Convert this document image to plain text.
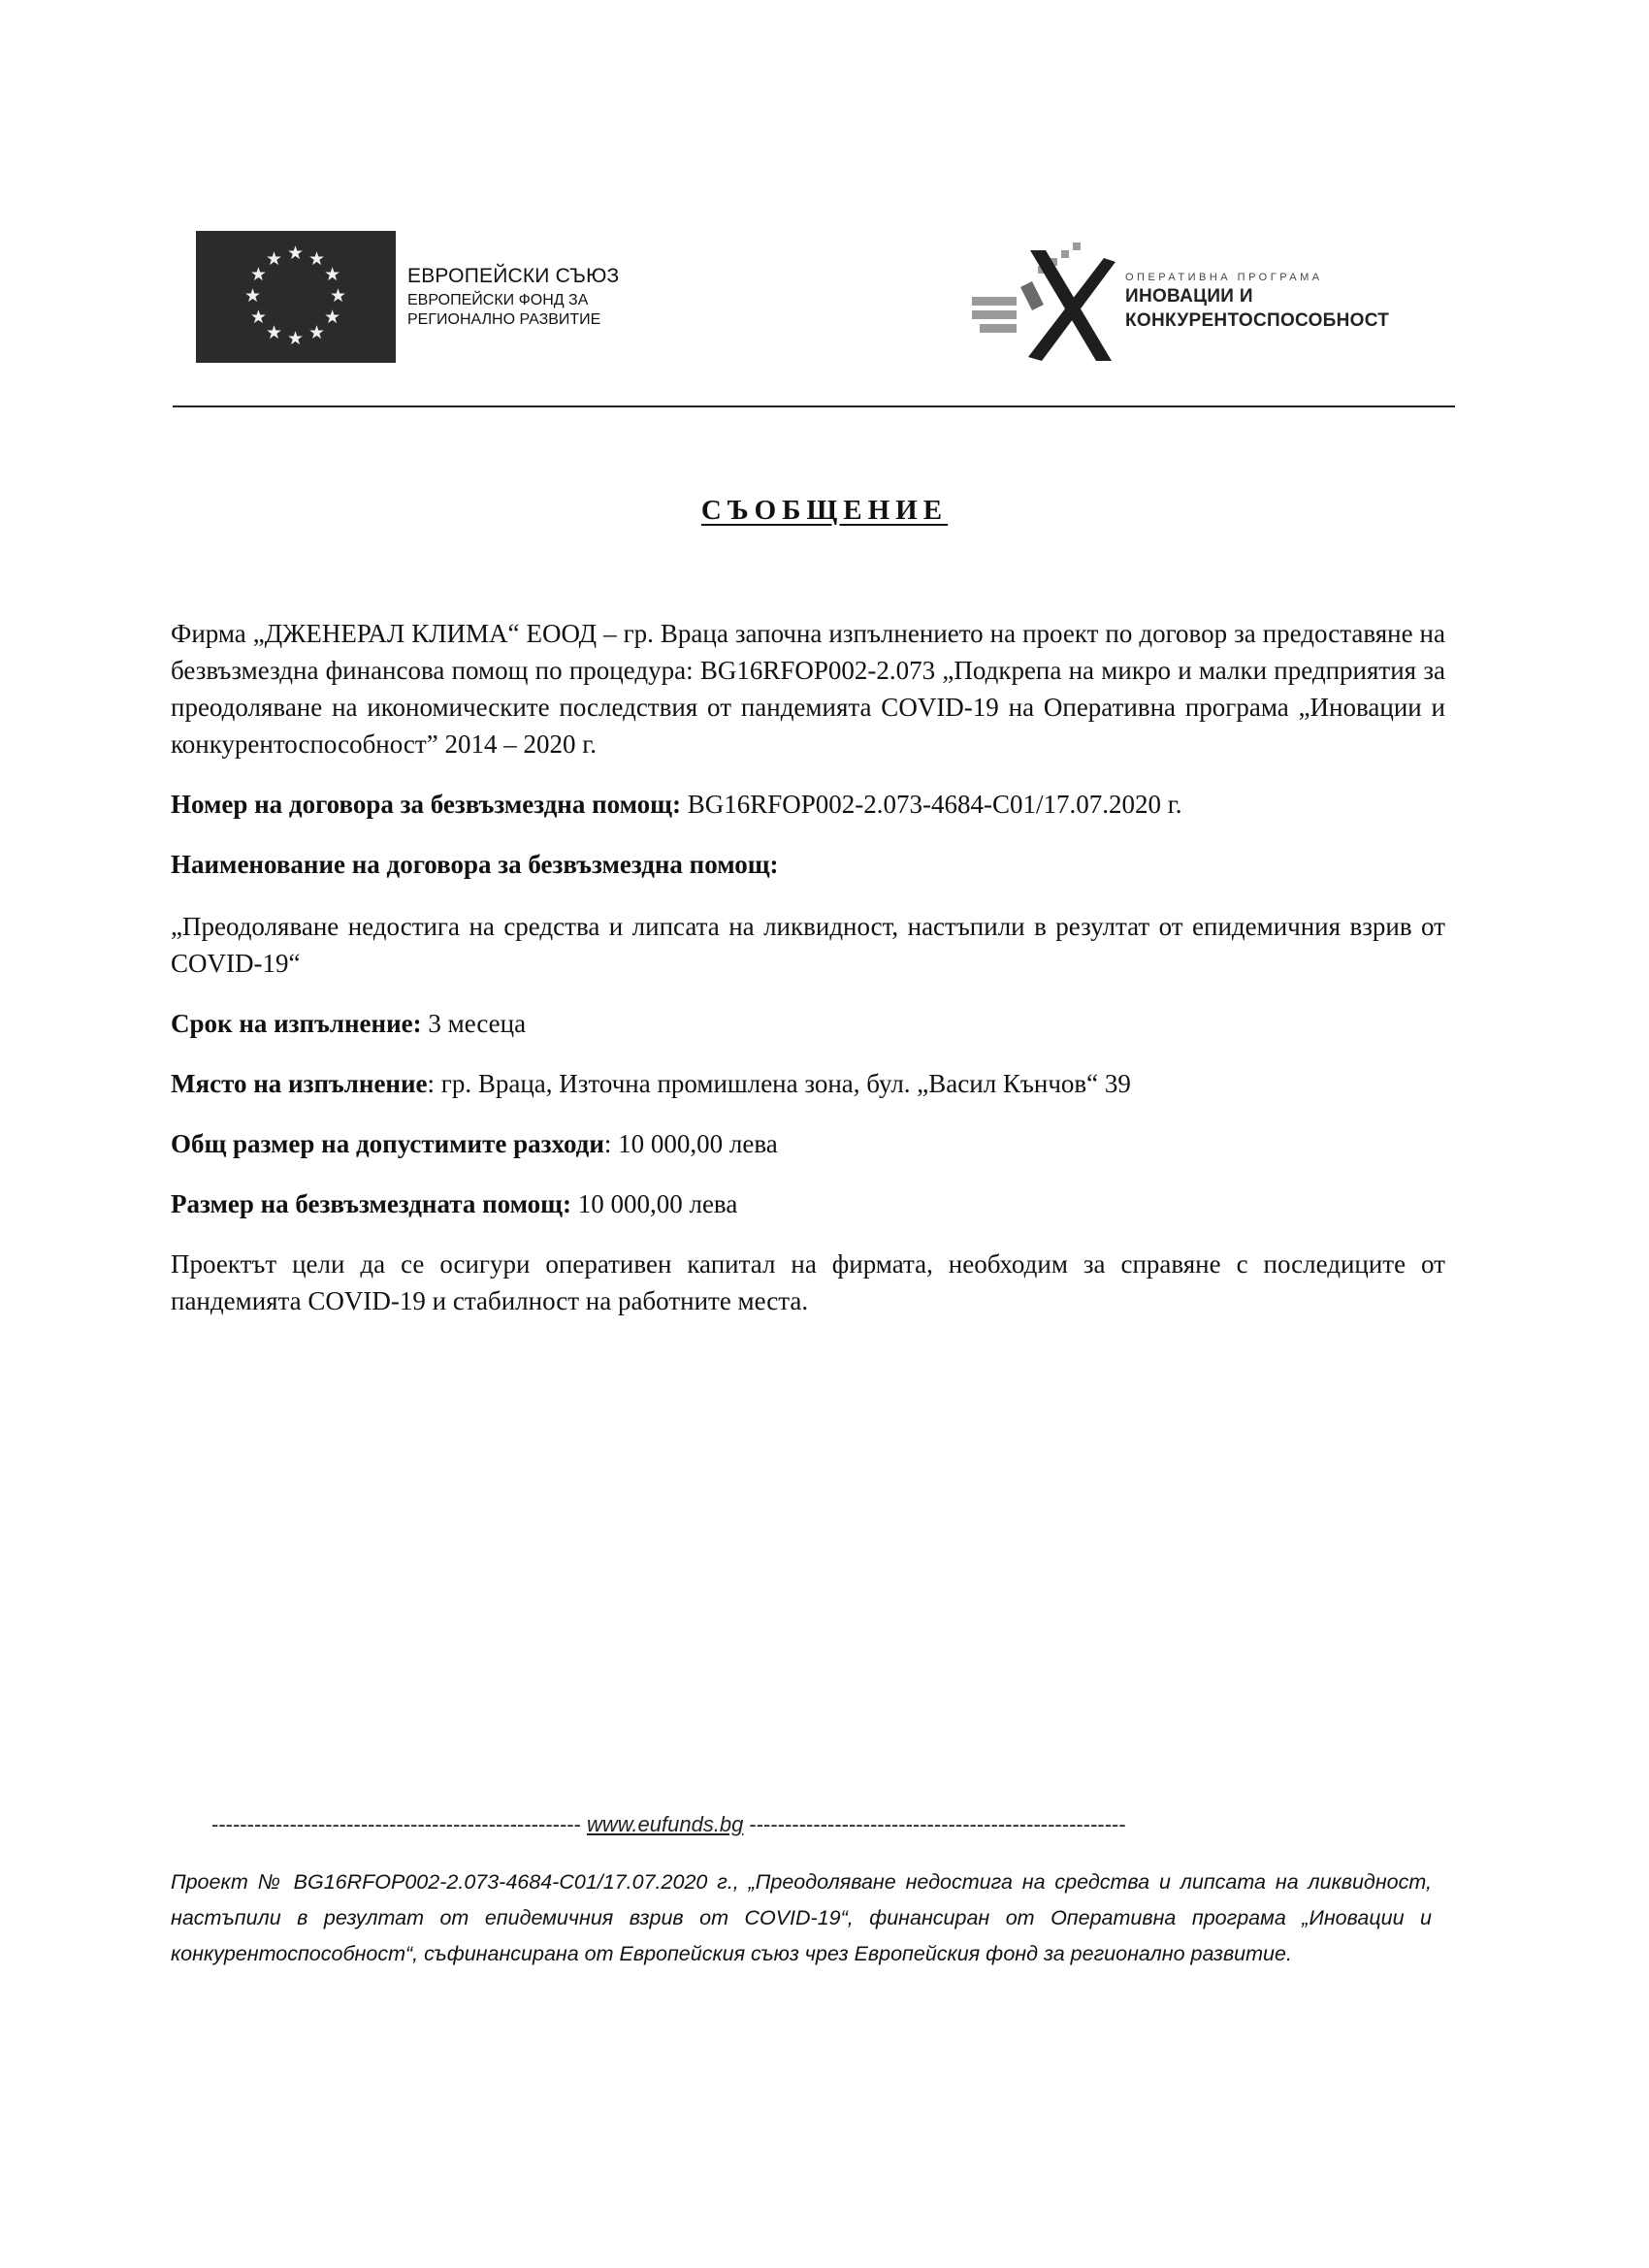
★ ★
★
★
★
★
★
★
★
★
★
★
ЕВРОПЕЙСКИ СЪЮЗ
ЕВРОПЕЙСКИ ФОНД ЗА
РЕГИОНАЛНО РАЗВИТИЕ
ОПЕРАТИВНА ПРОГРАМА
ИНОВАЦИИ И
КОНКУРЕНТОСПОСОБНОСТ
СЪОБЩЕНИЕ

Фирма „ДЖЕНЕРАЛ КЛИМА“ ЕООД – гр. Враца започна изпълнението на проект по договор за предоставяне на безвъзмездна финансова помощ по процедура: BG16RFOP002-2.073 „Подкрепа на микро и малки предприятия за преодоляване на икономическите последствия от пандемията COVID-19 на Оперативна програма „Иновации и конкурентоспособност” 2014 – 2020 г.

Номер на договора за безвъзмездна помощ: BG16RFOP002-2.073-4684-C01/17.07.2020 г.

Наименование на договора за безвъзмездна помощ:

„Преодоляване недостига на средства и липсата на ликвидност, настъпили в резултат от епидемичния взрив от COVID-19“

Срок на изпълнение: 3 месеца

Място на изпълнение: гр. Враца, Източна промишлена зона, бул. „Васил Кънчов“ 39

Общ размер на допустимите разходи: 10 000,00 лева

Размер на безвъзмездната помощ: 10 000,00 лева

Проектът цели да се осигури оперативен капитал на фирмата, необходим за справяне с последиците от пандемията COVID-19 и стабилност на работните места.

---------------------------------------------------- www.eufunds.bg -----------------------------------------------------
Проект № BG16RFOP002-2.073-4684-C01/17.07.2020 г., „Преодоляване недостига на средства и липсата на ликвидност, настъпили в резултат от епидемичния взрив от COVID-19“, финансиран от Оперативна програма „Иновации и конкурентоспособност“, съфинансирана от Европейския съюз чрез Европейския фонд за регионално развитие.
